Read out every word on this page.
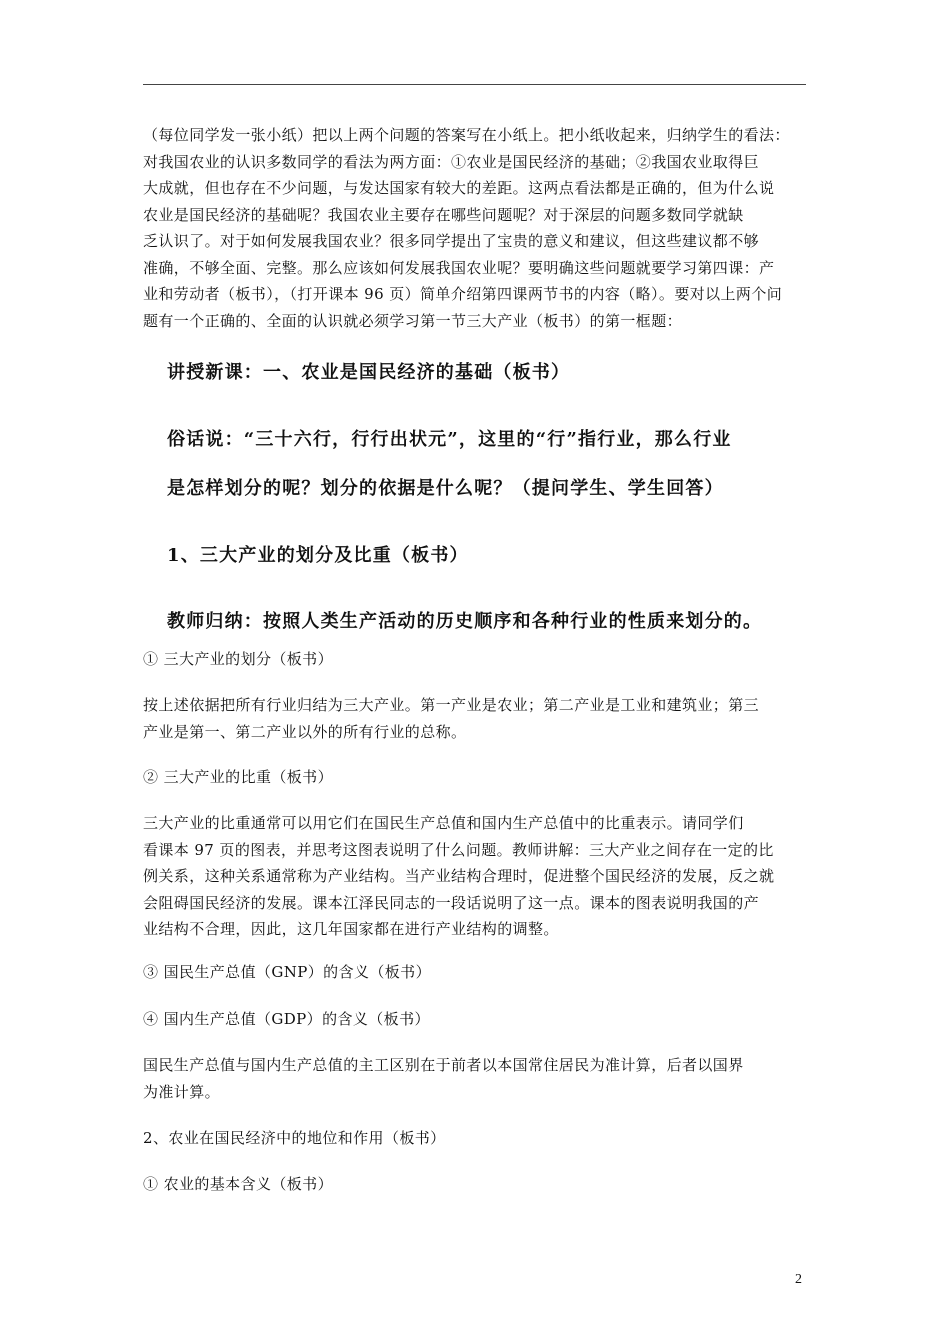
（每位同学发一张小纸）把以上两个问题的答案写在小纸上。把小纸收起来，归纳学生的看法：
对我国农业的认识多数同学的看法为两方面：①农业是国民经济的基础；②我国农业取得巨
大成就，但也存在不少问题，与发达国家有较大的差距。这两点看法都是正确的，但为什么说
农业是国民经济的基础呢？我国农业主要存在哪些问题呢？对于深层的问题多数同学就缺
乏认识了。对于如何发展我国农业？很多同学提出了宝贵的意义和建议，但这些建议都不够
准确，不够全面、完整。那么应该如何发展我国农业呢？要明确这些问题就要学习第四课：产
业和劳动者（板书），（打开课本 96 页）简单介绍第四课两节书的内容（略）。要对以上两个问
题有一个正确的、全面的认识就必须学习第一节三大产业（板书）的第一框题：

讲授新课：一、农业是国民经济的基础（板书）

俗话说：“三十六行，行行出状元”，这里的“行”指行业，那么行业

是怎样划分的呢？划分的依据是什么呢？（提问学生、学生回答）

1、三大产业的划分及比重（板书）

教师归纳：按照人类生产活动的历史顺序和各种行业的性质来划分的。

① 三大产业的划分（板书）

按上述依据把所有行业归结为三大产业。第一产业是农业；第二产业是工业和建筑业；第三
产业是第一、第二产业以外的所有行业的总称。

② 三大产业的比重（板书）

三大产业的比重通常可以用它们在国民生产总值和国内生产总值中的比重表示。请同学们
看课本 97 页的图表，并思考这图表说明了什么问题。教师讲解：三大产业之间存在一定的比
例关系，这种关系通常称为产业结构。当产业结构合理时，促进整个国民经济的发展，反之就
会阻碍国民经济的发展。课本江泽民同志的一段话说明了这一点。课本的图表说明我国的产
业结构不合理，因此，这几年国家都在进行产业结构的调整。

③ 国民生产总值（GNP）的含义（板书）

④ 国内生产总值（GDP）的含义（板书）

国民生产总值与国内生产总值的主工区别在于前者以本国常住居民为准计算，后者以国界
为准计算。

2、农业在国民经济中的地位和作用（板书）

① 农业的基本含义（板书）

2
